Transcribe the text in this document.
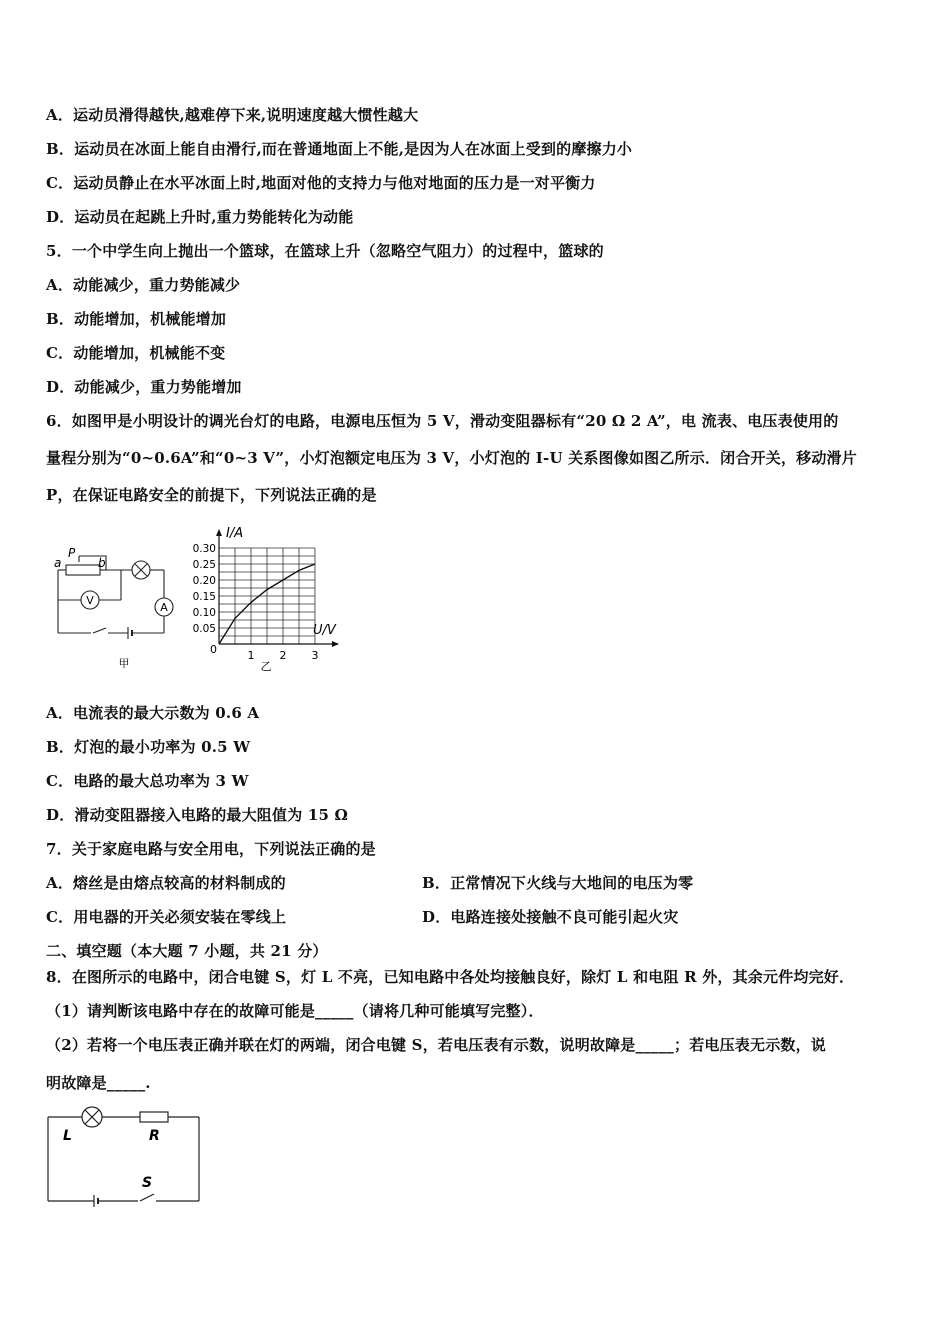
A．运动员滑得越快,越难停下来,说明速度越大惯性越大
B．运动员在冰面上能自由滑行,而在普通地面上不能,是因为人在冰面上受到的摩擦力小
C．运动员静止在水平冰面上时,地面对他的支持力与他对地面的压力是一对平衡力
D．运动员在起跳上升时,重力势能转化为动能
5．一个中学生向上抛出一个篮球，在篮球上升（忽略空气阻力）的过程中，篮球的
A．动能减少，重力势能减少
B．动能增加，机械能增加
C．动能增加，机械能不变
D．动能减少，重力势能增加
6．如图甲是小明设计的调光台灯的电路，电源电压恒为 5 V，滑动变阻器标有“20 Ω 2 A”，电 流表、电压表使用的
量程分别为“0~0.6A”和“0~3 V”，小灯泡额定电压为 3 V，小灯泡的 I-U 关系图像如图乙所示．闭合开关，移动滑片
P，在保证电路安全的前提下，下列说法正确的是
a
P
b
V
A
甲
0.05
0.10
0.15
0.20
0.25
0.30
1 2 3
I/A
U/V
0
乙
A．电流表的最大示数为 0.6 A
B．灯泡的最小功率为 0.5 W
C．电路的最大总功率为 3 W
D．滑动变阻器接入电路的最大阻值为 15 Ω
7．关于家庭电路与安全用电，下列说法正确的是
A．熔丝是由熔点较高的材料制成的	B．正常情况下火线与大地间的电压为零
C．用电器的开关必须安装在零线上	D．电路连接处接触不良可能引起火灾
二、填空题（本大题 7 小题，共 21 分）
8．在图所示的电路中，闭合电键 S，灯 L 不亮，已知电路中各处均接触良好，除灯 L 和电阻 R 外，其余元件均完好．
（1）请判断该电路中存在的故障可能是_____（请将几种可能填写完整）．
（2）若将一个电压表正确并联在灯的两端，闭合电键 S，若电压表有示数，说明故障是_____；若电压表无示数，说
明故障是_____.
L	R
S
